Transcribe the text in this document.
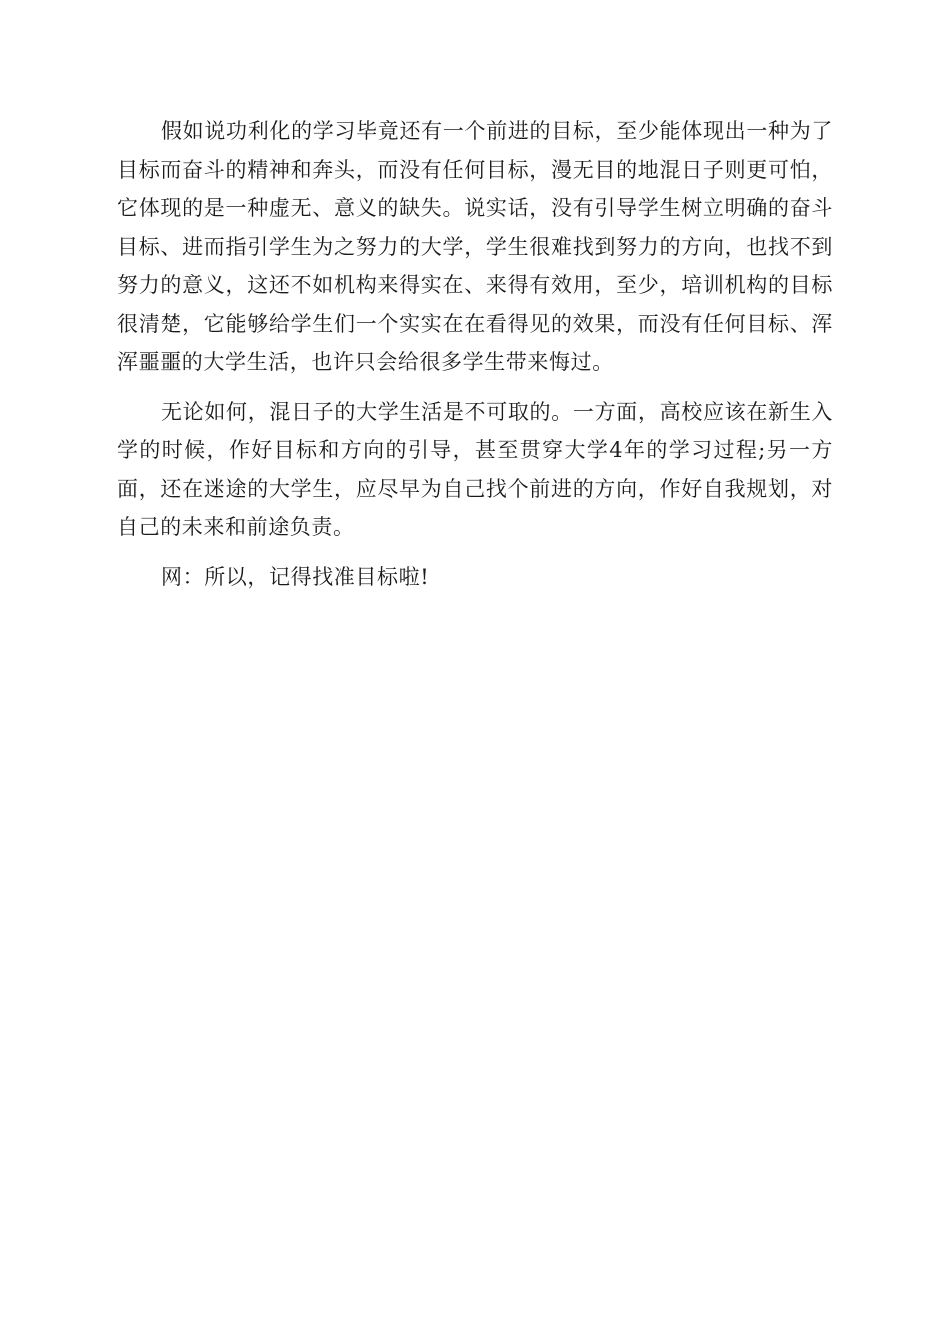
假如说功利化的学习毕竟还有一个前进的目标，至少能体现出一种为了目标而奋斗的精神和奔头，而没有任何目标，漫无目的地混日子则更可怕，它体现的是一种虚无、意义的缺失。说实话，没有引导学生树立明确的奋斗目标、进而指引学生为之努力的大学，学生很难找到努力的方向，也找不到努力的意义，这还不如机构来得实在、来得有效用，至少，培训机构的目标很清楚，它能够给学生们一个实实在在看得见的效果，而没有任何目标、浑浑噩噩的大学生活，也许只会给很多学生带来悔过。

无论如何，混日子的大学生活是不可取的。一方面，高校应该在新生入学的时候，作好目标和方向的引导，甚至贯穿大学4年的学习过程;另一方面，还在迷途的大学生，应尽早为自己找个前进的方向，作好自我规划，对自己的未来和前途负责。

网：所以，记得找准目标啦!
